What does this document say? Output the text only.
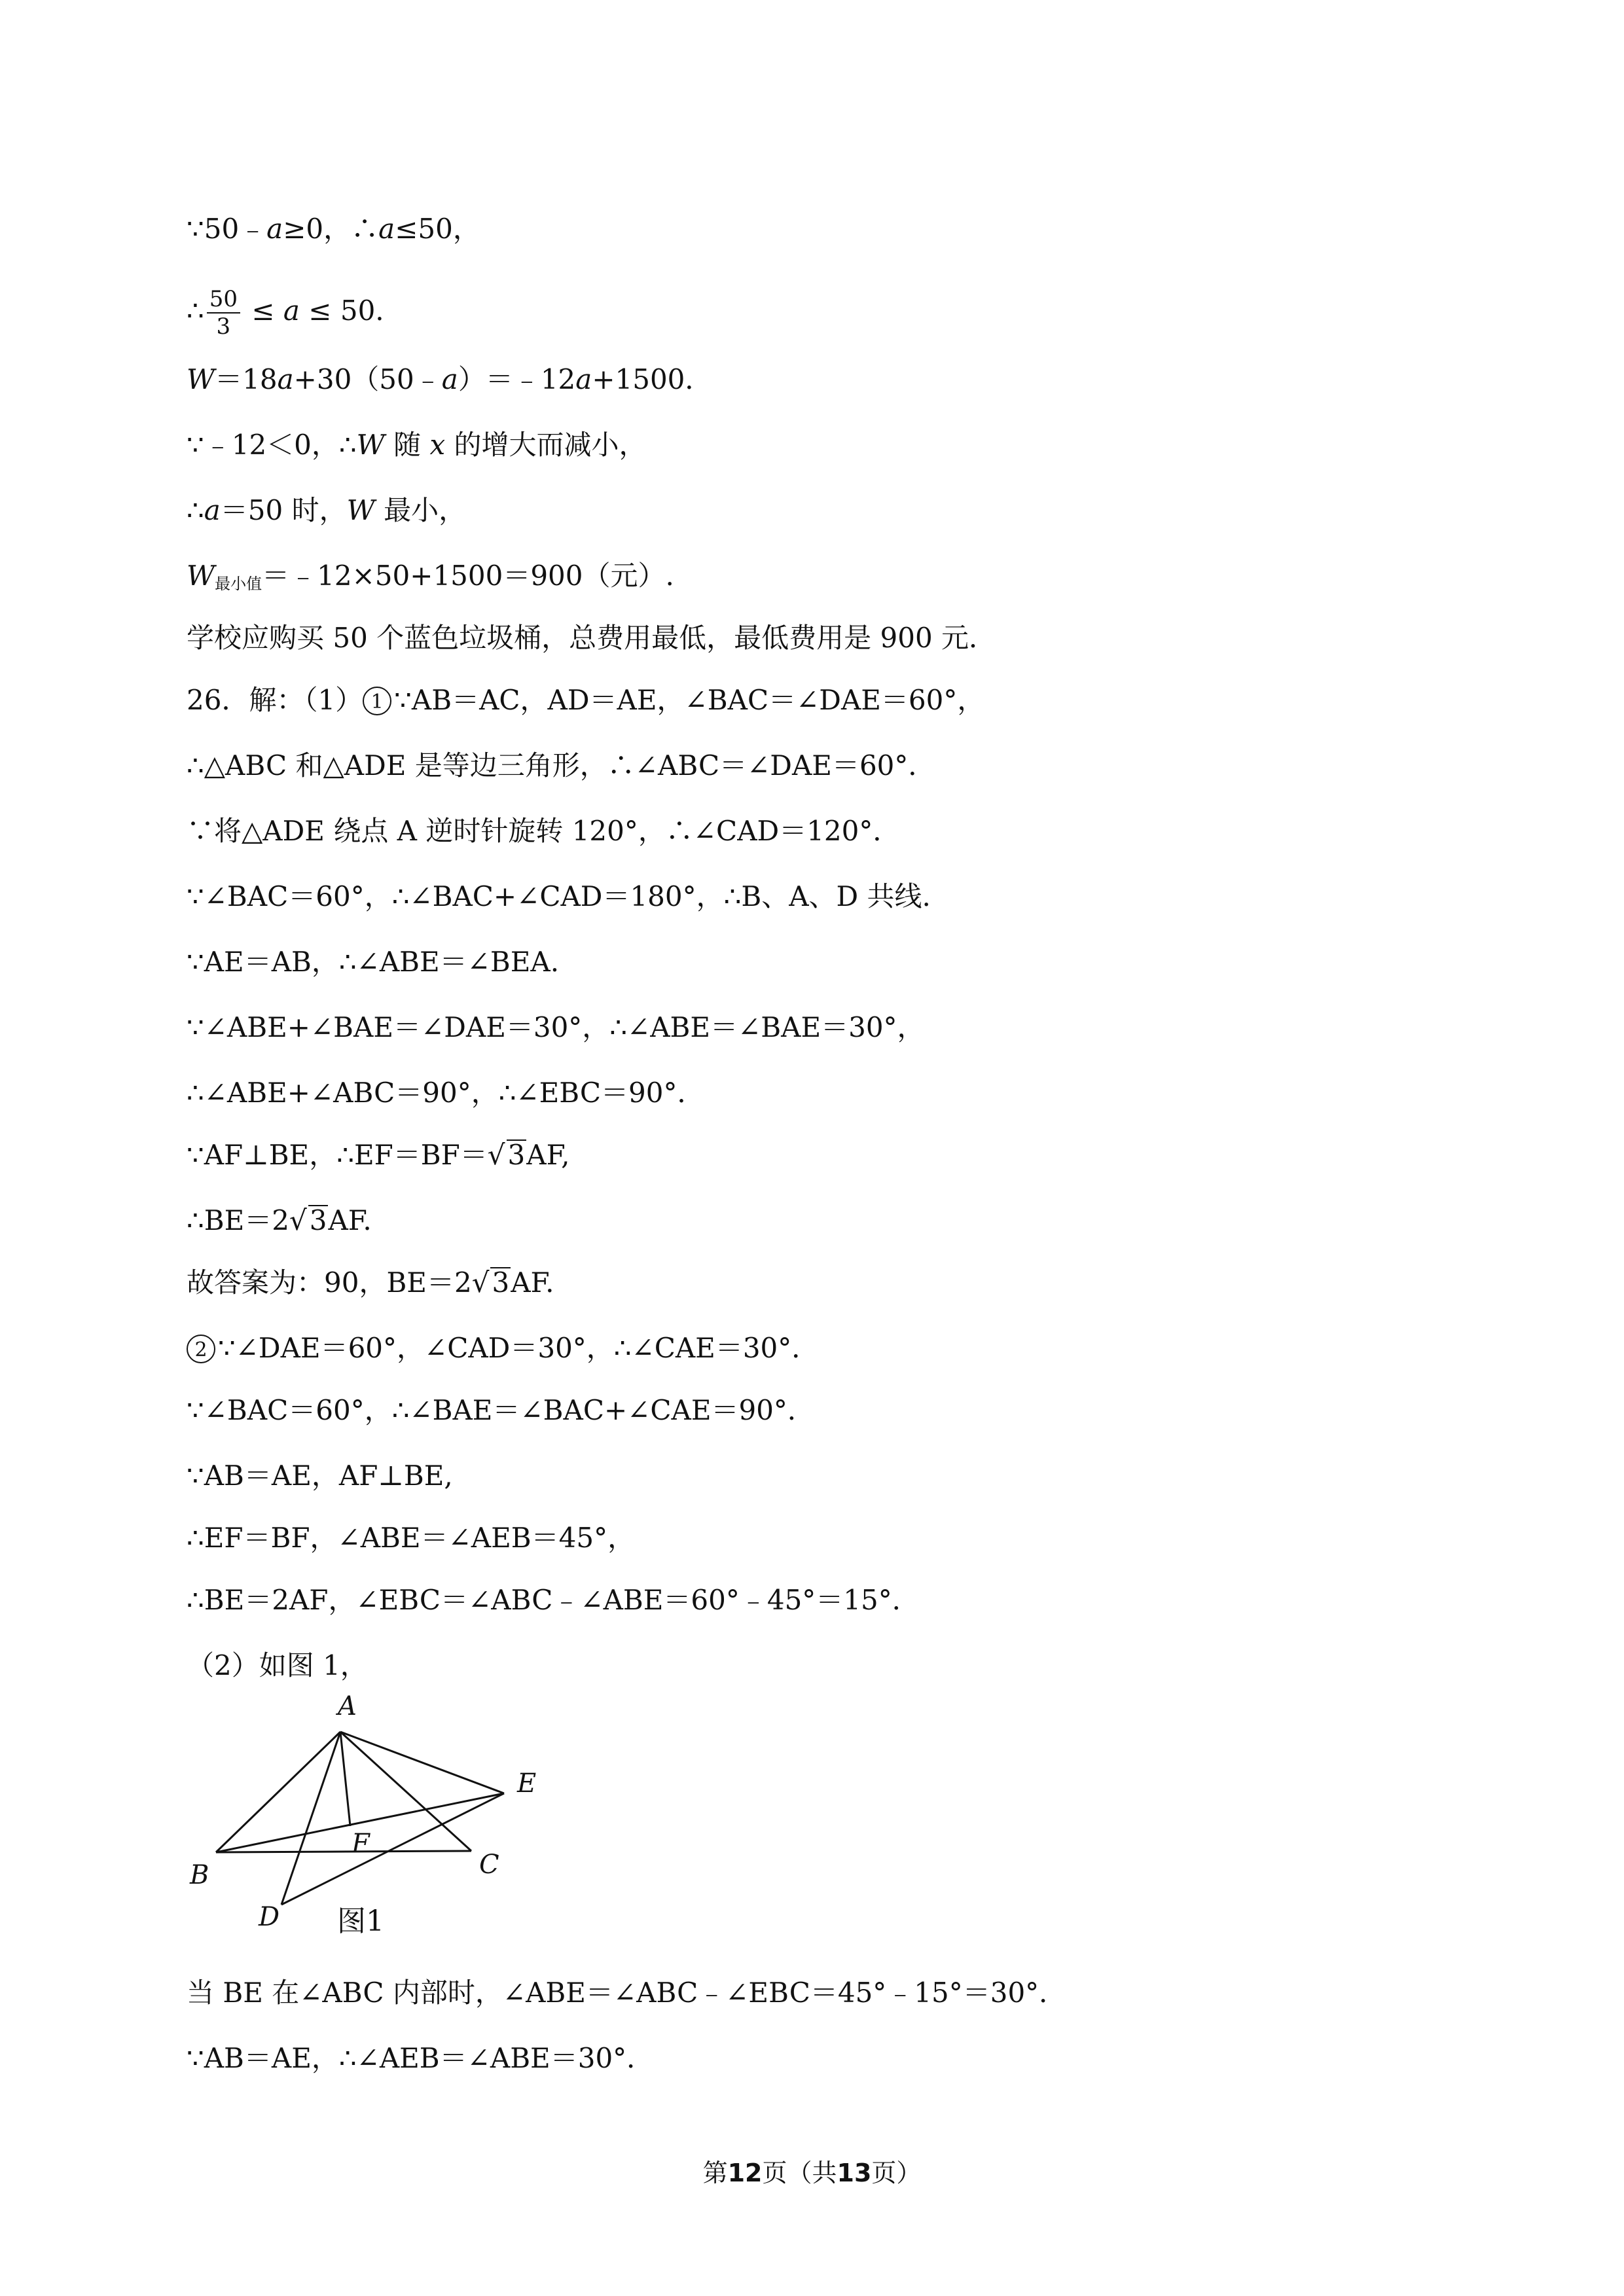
∵50﹣a≥0，∴a≤50，
∴ $\frac{50}{3} \le a \le 50$.
W＝18a+30（50﹣a）＝﹣12a+1500．
∵﹣12＜0，∴W 随 x 的增大而减小，
∴a＝50 时，W 最小，
$W_{最小值}=﹣12\times 50+1500=900$（元）.
学校应购买 50 个蓝色垃圾桶，总费用最低，最低费用是 900 元．
26．解：（1） 1 ∵AB＝AC，AD＝AE，∠BAC＝∠DAE＝60°，
∴△ABC 和△ADE 是等边三角形，∴∠ABC＝∠DAE＝60°．
∵将△ADE 绕点 A 逆时针旋转 120°，∴∠CAD＝120°．
∵∠BAC＝60°，∴∠BAC+∠CAD＝180°，∴B、A、D 共线.
∵AE＝AB，∴∠ABE＝∠BEA.
∵∠ABE+∠BAE＝∠DAE＝30°，∴∠ABE＝∠BAE＝30°，
∴∠ABE+∠ABC＝90°，∴∠EBC＝90°．
∵AF⊥BE，∴EF＝BF＝√3AF,
∴BE＝2√3AF.
故答案为：90，BE＝2√3AF.
2 ∵∠DAE＝60°，∠CAD＝30°，∴∠CAE＝30°．
∵∠BAC＝60°，∴∠BAE＝∠BAC+∠CAE＝90°．
∵AB＝AE，AF⊥BE,
∴EF＝BF，∠ABE＝∠AEB＝45°，
∴BE＝2AF，∠EBC＝∠ABC﹣∠ABE＝60°﹣45°＝15°．
（2）如图 1，
A
B	C
D
E
F
图1
当 BE 在∠ABC 内部时，∠ABE＝∠ABC﹣∠EBC＝45°﹣15°＝30°．
∵AB＝AE，∴∠AEB＝∠ABE＝30°．
第12页（共13页）
